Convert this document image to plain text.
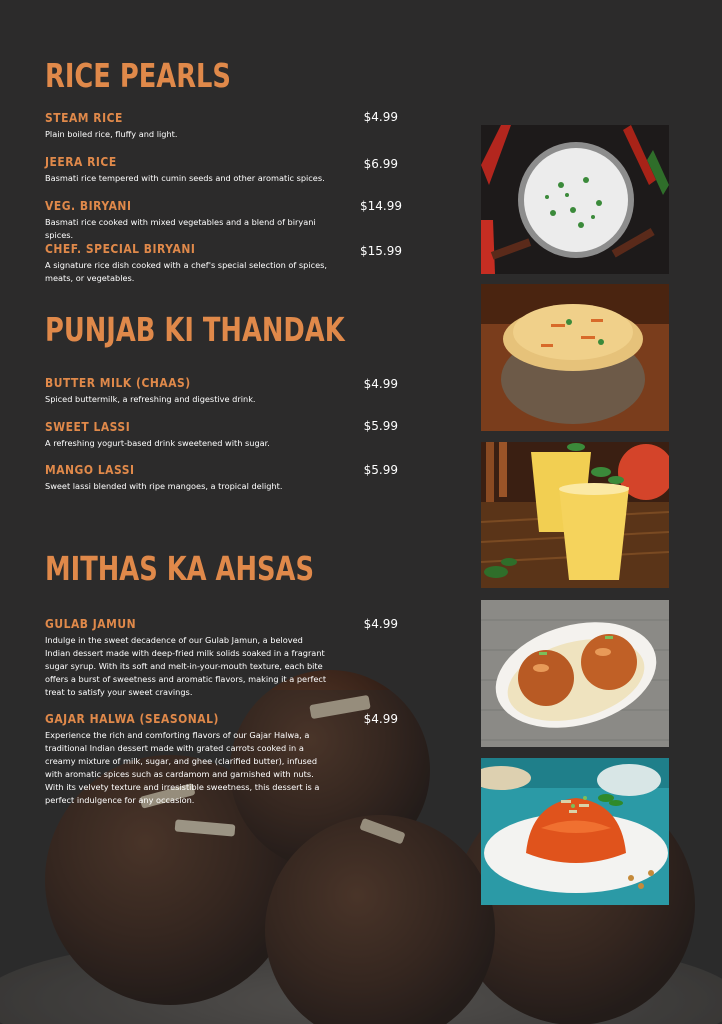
RICE PEARLS
STEAM RICE
Plain boiled rice, fluffy and light.
$4.99
JEERA RICE
Basmati rice tempered with cumin seeds and other aromatic spices.
$6.99
VEG. BIRYANI
Basmati rice cooked with mixed vegetables and a blend of biryani spices.
$14.99
CHEF. SPECIAL BIRYANI
A signature rice dish cooked with a chef's special selection of spices, meats, or vegetables.
$15.99
PUNJAB KI THANDAK
BUTTER MILK (CHAAS)
Spiced buttermilk, a refreshing and digestive drink.
$4.99
SWEET LASSI
A refreshing yogurt-based drink sweetened with sugar.
$5.99
MANGO LASSI
Sweet lassi blended with ripe mangoes, a tropical delight.
$5.99
MITHAS KA AHSAS
GULAB JAMUN
Indulge in the sweet decadence of our Gulab Jamun, a beloved Indian dessert made with deep-fried milk solids soaked in a fragrant sugar syrup. With its soft and melt-in-your-mouth texture, each bite offers a burst of sweetness and aromatic flavors, making it a perfect treat to satisfy your sweet cravings.
$4.99
GAJAR HALWA (SEASONAL)
Experience the rich and comforting flavors of our Gajar Halwa, a traditional Indian dessert made with grated carrots cooked in a creamy mixture of milk, sugar, and ghee (clarified butter), infused with aromatic spices such as cardamom and garnished with nuts. With its velvety texture and irresistible sweetness, this dessert is a perfect indulgence for any occasion.
$4.99
